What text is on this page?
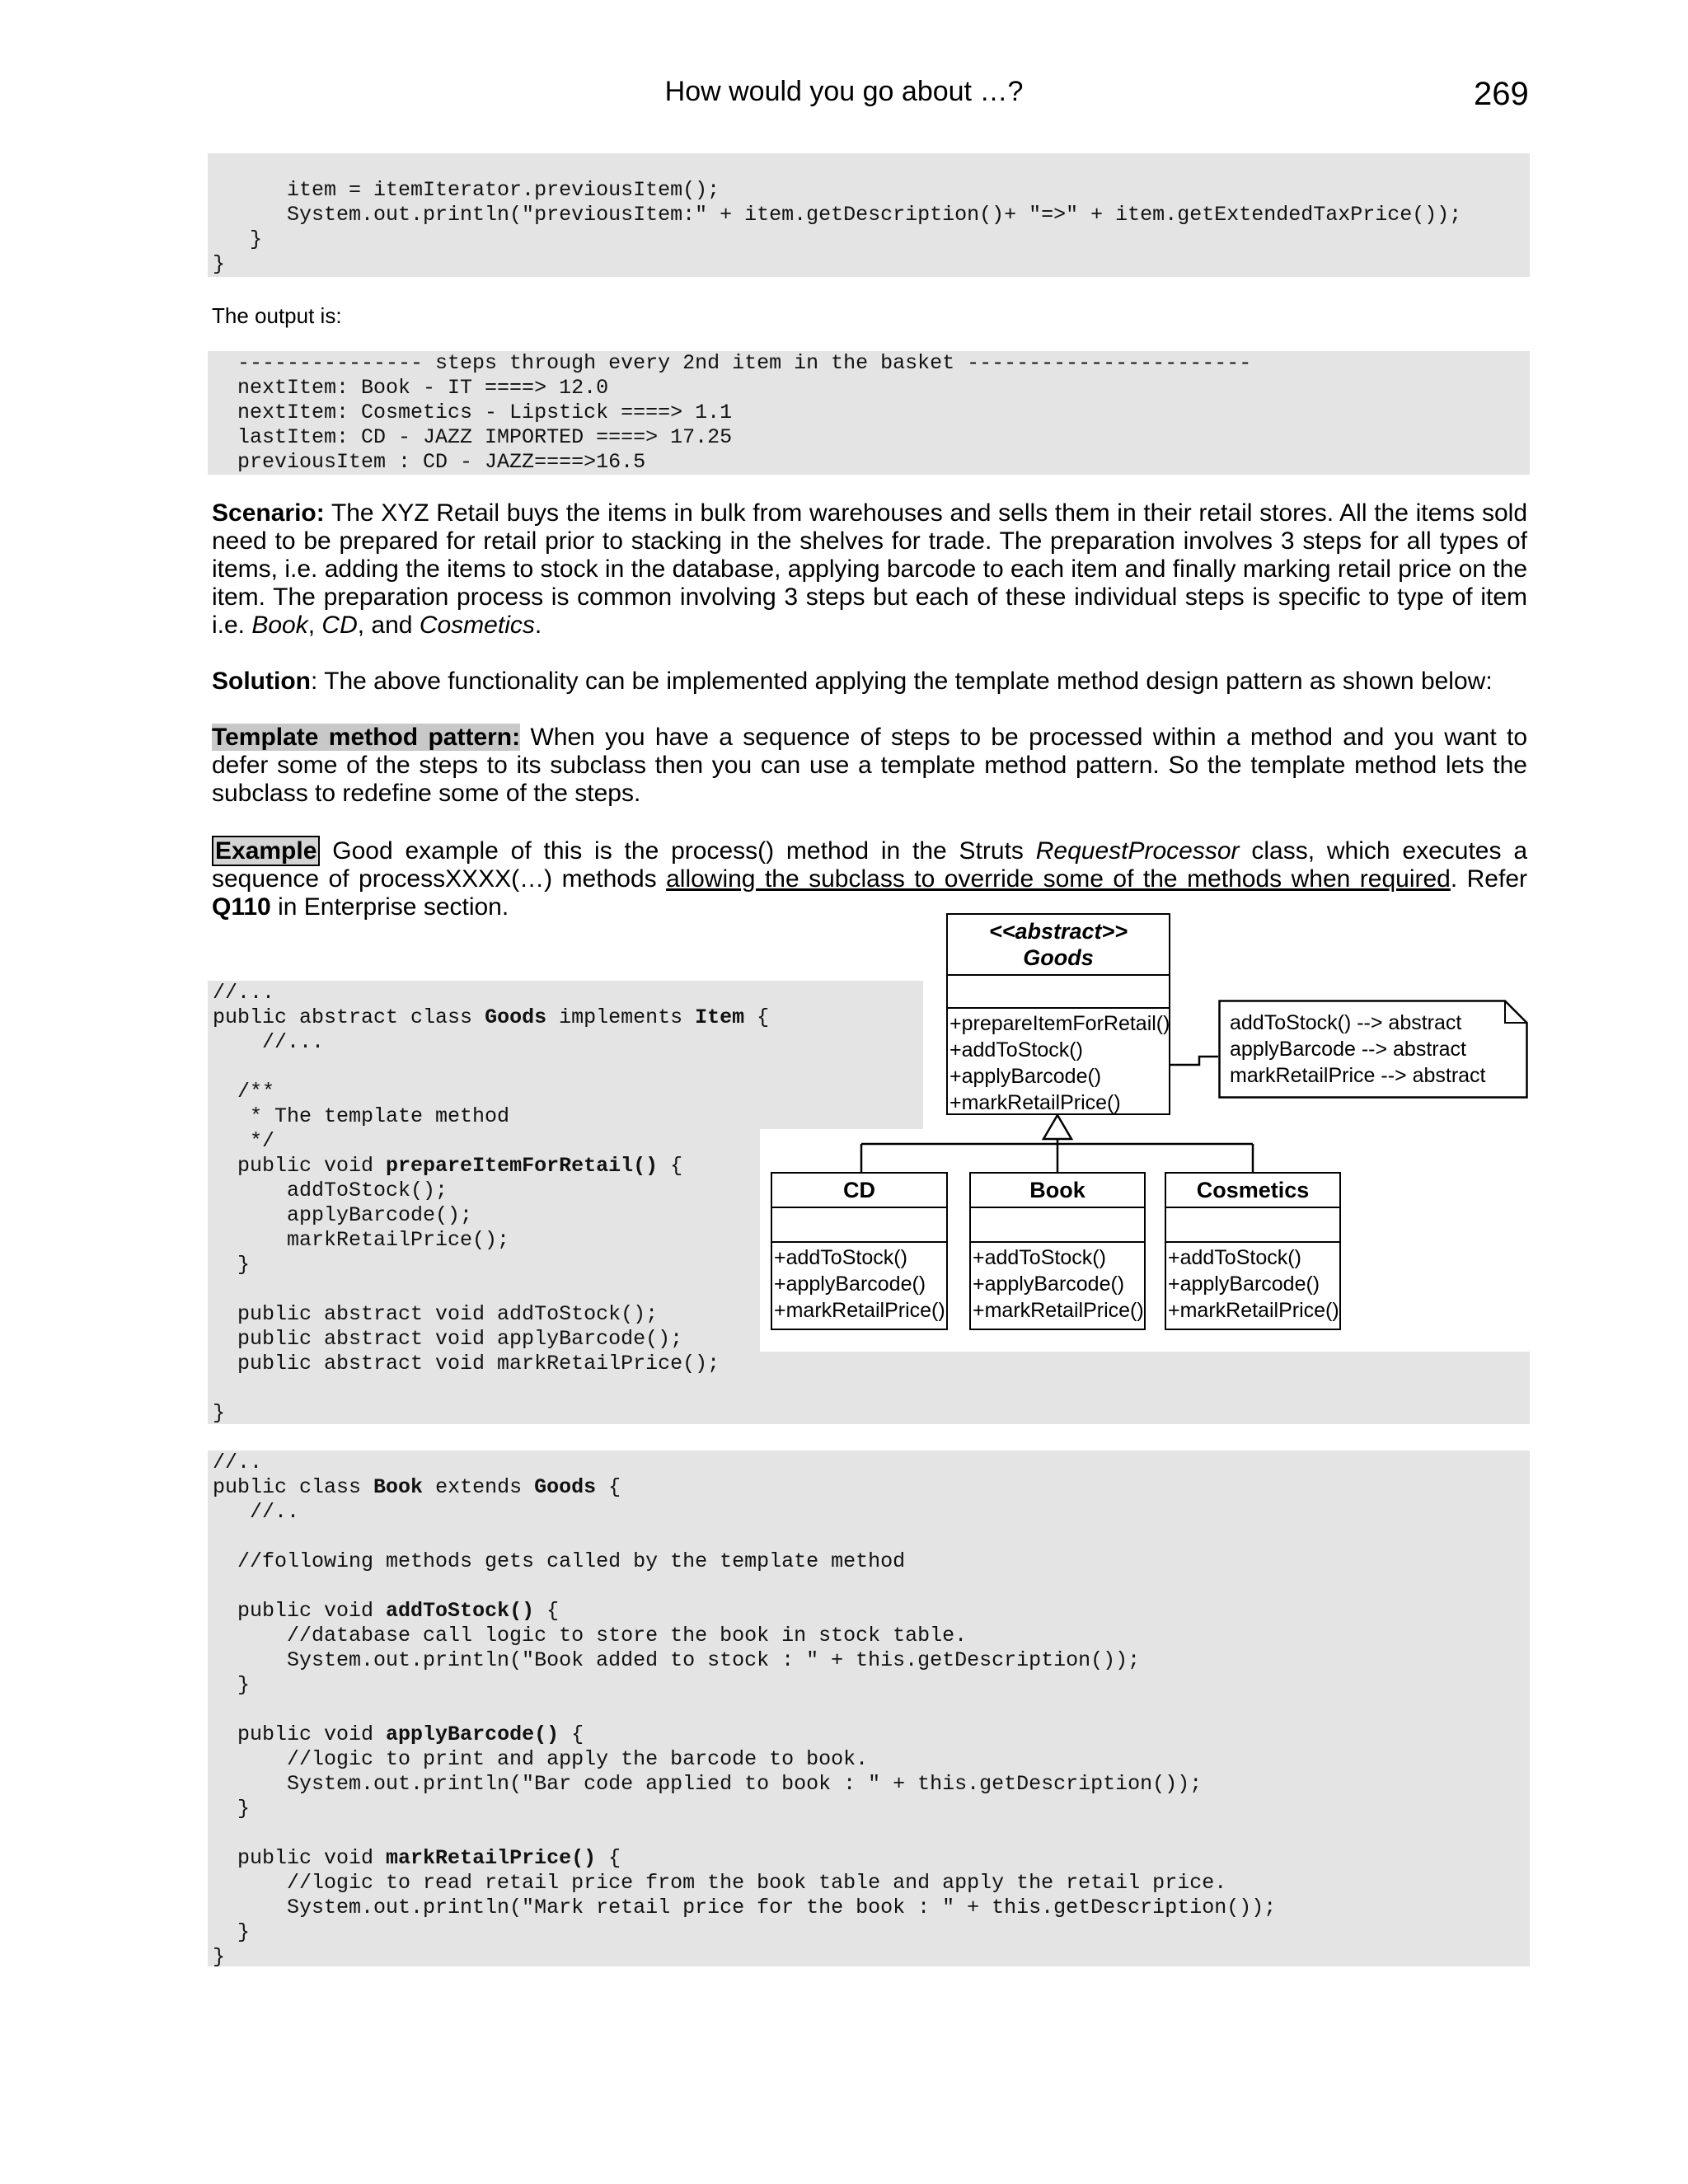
How would you go about …?	269
item = itemIterator.previousItem();
System.out.println("previousItem:" + item.getDescription()+ "=>" + item.getExtendedTaxPrice());
}
}
The output is:
--------------- steps through every 2nd item in the basket -----------------------
nextItem: Book - IT ====> 12.0
nextItem: Cosmetics - Lipstick ====> 1.1
lastItem: CD - JAZZ IMPORTED ====> 17.25
previousItem : CD - JAZZ====>16.5
Scenario: The XYZ Retail buys the items in bulk from warehouses and sells them in their retail stores. All the items sold need to be prepared for retail prior to stacking in the shelves for trade. The preparation involves 3 steps for all types of items, i.e. adding the items to stock in the database, applying barcode to each item and finally marking retail price on the item. The preparation process is common involving 3 steps but each of these individual steps is specific to type of item i.e. Book, CD, and Cosmetics.
Solution: The above functionality can be implemented applying the template method design pattern as shown below:
Template method pattern: When you have a sequence of steps to be processed within a method and you want to defer some of the steps to its subclass then you can use a template method pattern. So the template method lets the subclass to redefine some of the steps.
Example Good example of this is the process() method in the Struts RequestProcessor class, which executes a sequence of processXXXX(…) methods allowing the subclass to override some of the methods when required. Refer Q110 in Enterprise section.
//...
public abstract class Goods implements Item {
//...

/**
* The template method
*/
public void prepareItemForRetail() {
addToStock();
applyBarcode();
markRetailPrice();
}

public abstract void addToStock();
public abstract void applyBarcode();
public abstract void markRetailPrice();

}
<<abstract>>
Goods
+prepareItemForRetail()
+addToStock()
+applyBarcode()
+markRetailPrice()
addToStock() --> abstract
applyBarcode --> abstract
markRetailPrice --> abstract
CD
+addToStock()
+applyBarcode()
+markRetailPrice()
Book
+addToStock()
+applyBarcode()
+markRetailPrice()
Cosmetics
+addToStock()
+applyBarcode()
+markRetailPrice()
//..
public class Book extends Goods {
//..

//following methods gets called by the template method

public void addToStock() {
//database call logic to store the book in stock table.
System.out.println("Book added to stock : " + this.getDescription());
}

public void applyBarcode() {
//logic to print and apply the barcode to book.
System.out.println("Bar code applied to book : " + this.getDescription());
}

public void markRetailPrice() {
//logic to read retail price from the book table and apply the retail price.
System.out.println("Mark retail price for the book : " + this.getDescription());
}
}
